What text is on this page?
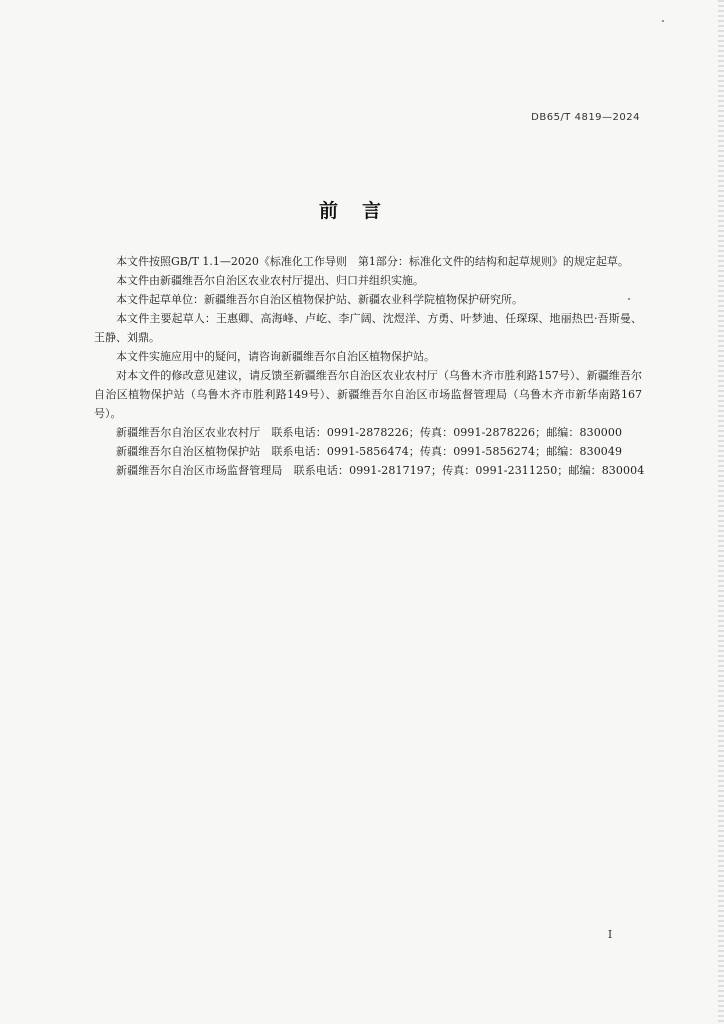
DB65/T 4819—2024
前言

本文件按照GB/T 1.1—2020《标准化工作导则　第1部分：标准化文件的结构和起草规则》的规定起草。

本文件由新疆维吾尔自治区农业农村厅提出、归口并组织实施。

本文件起草单位：新疆维吾尔自治区植物保护站、新疆农业科学院植物保护研究所。

本文件主要起草人：王惠卿、高海峰、卢屹、李广阔、沈煜洋、方勇、叶梦迪、任琛琛、地丽热巴·吾斯曼、王静、刘鼎。

本文件实施应用中的疑问，请咨询新疆维吾尔自治区植物保护站。

对本文件的修改意见建议，请反馈至新疆维吾尔自治区农业农村厅（乌鲁木齐市胜利路157号）、新疆维吾尔自治区植物保护站（乌鲁木齐市胜利路149号）、新疆维吾尔自治区市场监督管理局（乌鲁木齐市新华南路167号）。

新疆维吾尔自治区农业农村厅　联系电话：0991-2878226；传真：0991-2878226；邮编：830000

新疆维吾尔自治区植物保护站　联系电话：0991-5856474；传真：0991-5856274；邮编：830049

新疆维吾尔自治区市场监督管理局　联系电话：0991-2817197；传真：0991-2311250；邮编：830004

I
